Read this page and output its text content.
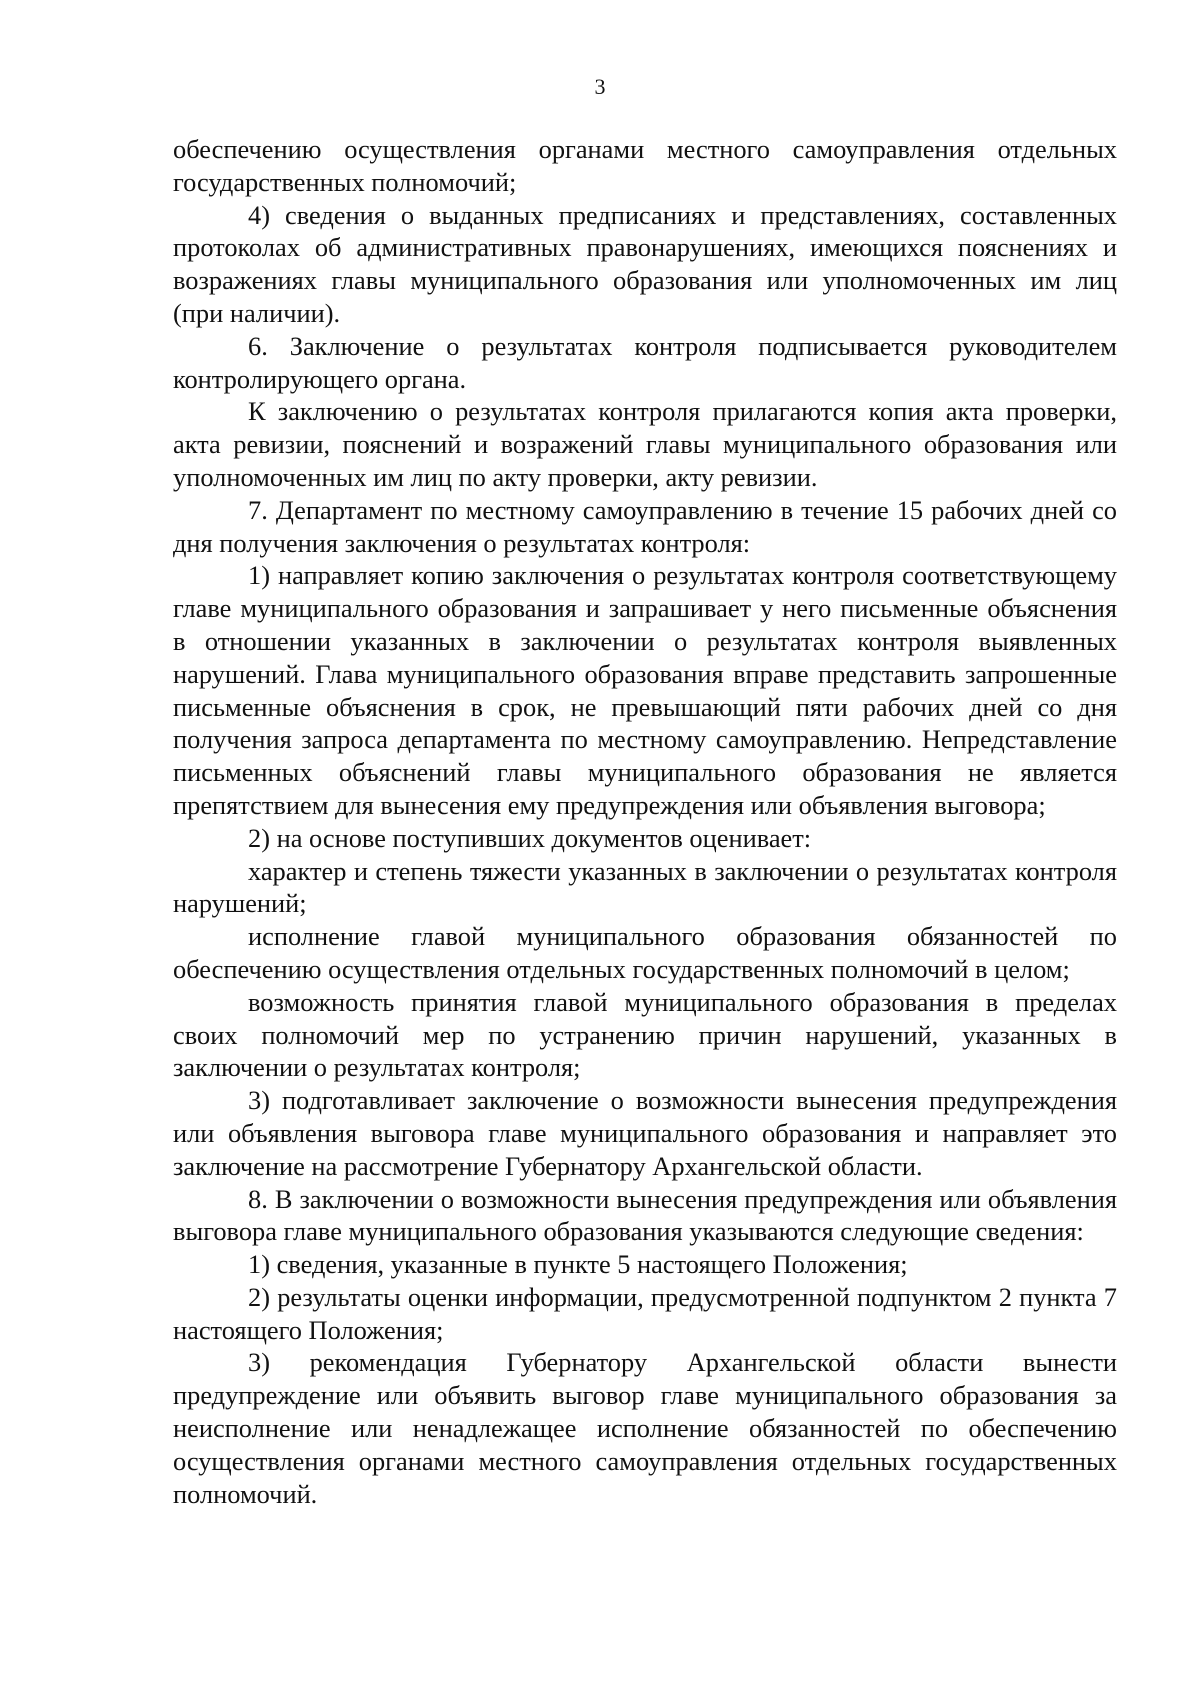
3

обеспечению осуществления органами местного самоуправления отдельных государственных полномочий;

4) сведения о выданных предписаниях и представлениях, составленных протоколах об административных правонарушениях, имеющихся пояснениях и возражениях главы муниципального образования или уполномоченных им лиц (при наличии).

6. Заключение о результатах контроля подписывается руководителем контролирующего органа.

К заключению о результатах контроля прилагаются копия акта проверки, акта ревизии, пояснений и возражений главы муниципального образования или уполномоченных им лиц по акту проверки, акту ревизии.

7. Департамент по местному самоуправлению в течение 15 рабочих дней со дня получения заключения о результатах контроля:

1) направляет копию заключения о результатах контроля соответствующему главе муниципального образования и запрашивает у него письменные объяснения в отношении указанных в заключении о результатах контроля выявленных нарушений. Глава муниципального образования вправе представить запрошенные письменные объяснения в срок, не превышающий пяти рабочих дней со дня получения запроса департамента по местному самоуправлению. Непредставление письменных объяснений главы муниципального образования не является препятствием для вынесения ему предупреждения или объявления выговора;

2) на основе поступивших документов оценивает:

характер и степень тяжести указанных в заключении о результатах контроля нарушений;

исполнение главой муниципального образования обязанностей по обеспечению осуществления отдельных государственных полномочий в целом;

возможность принятия главой муниципального образования в пределах своих полномочий мер по устранению причин нарушений, указанных в заключении о результатах контроля;

3) подготавливает заключение о возможности вынесения предупреждения или объявления выговора главе муниципального образования и направляет это заключение на рассмотрение Губернатору Архангельской области.

8. В заключении о возможности вынесения предупреждения или объявления выговора главе муниципального образования указываются следующие сведения:

1) сведения, указанные в пункте 5 настоящего Положения;

2) результаты оценки информации, предусмотренной подпунктом 2 пункта 7 настоящего Положения;

3) рекомендация Губернатору Архангельской области вынести предупреждение или объявить выговор главе муниципального образования за неисполнение или ненадлежащее исполнение обязанностей по обеспечению осуществления органами местного самоуправления отдельных государственных полномочий.
